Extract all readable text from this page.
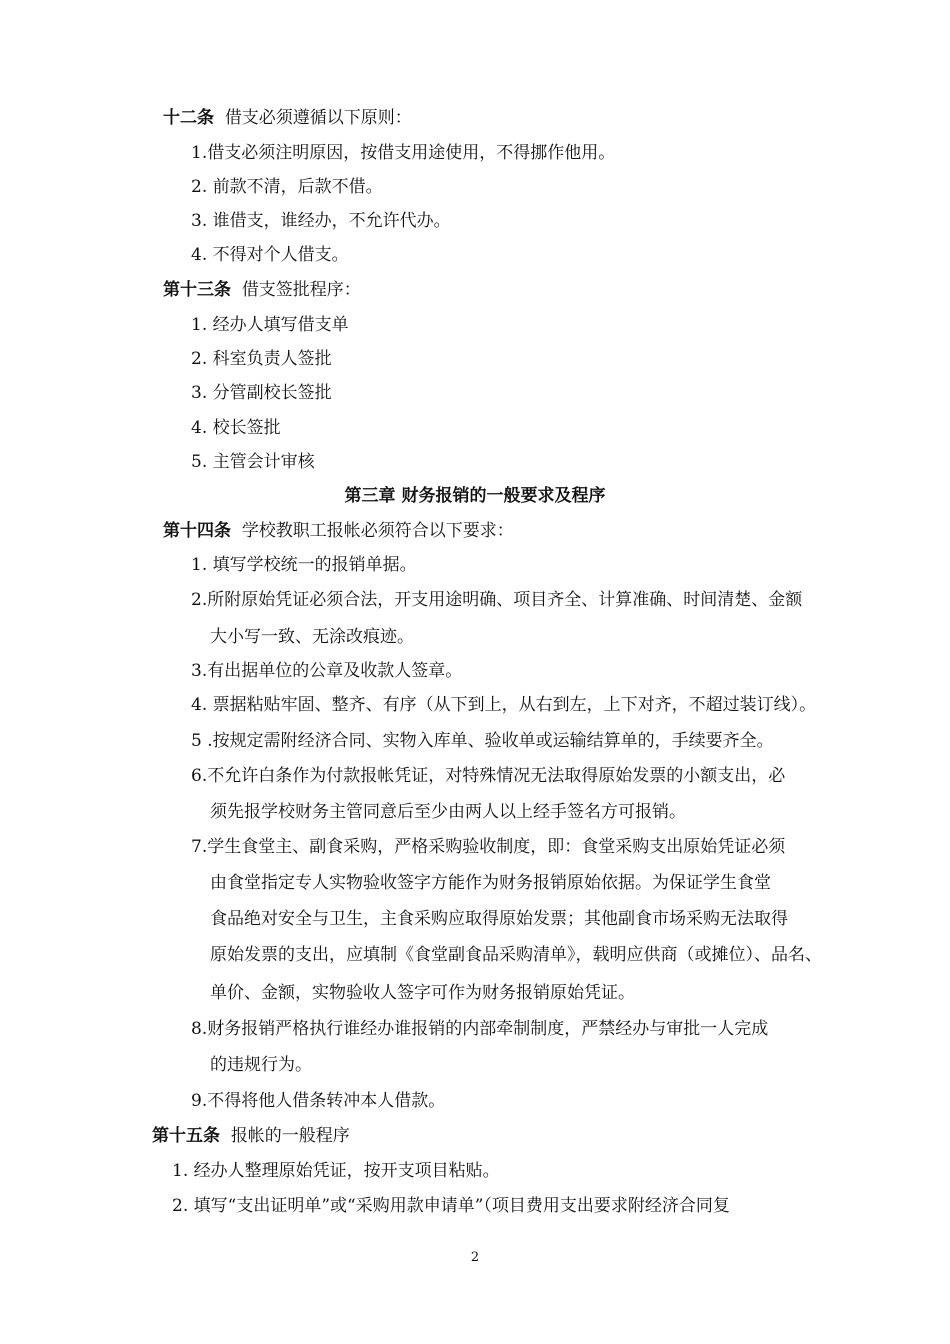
十二条 借支必须遵循以下原则：
1.借支必须注明原因，按借支用途使用，不得挪作他用。
2. 前款不清，后款不借。
3. 谁借支，谁经办，不允许代办。
4. 不得对个人借支。
第十三条 借支签批程序：
1. 经办人填写借支单
2. 科室负责人签批
3. 分管副校长签批
4. 校长签批
5. 主管会计审核
第三章 财务报销的一般要求及程序
第十四条 学校教职工报帐必须符合以下要求：
1. 填写学校统一的报销单据。
2.所附原始凭证必须合法，开支用途明确、项目齐全、计算准确、时间清楚、金额
大小写一致、无涂改痕迹。
3.有出据单位的公章及收款人签章。
4. 票据粘贴牢固、整齐、有序（从下到上，从右到左，上下对齐，不超过装订线）。
5 .按规定需附经济合同、实物入库单、验收单或运输结算单的，手续要齐全。
6.不允许白条作为付款报帐凭证，对特殊情况无法取得原始发票的小额支出，必
须先报学校财务主管同意后至少由两人以上经手签名方可报销。
7.学生食堂主、副食采购，严格采购验收制度，即：食堂采购支出原始凭证必须
由食堂指定专人实物验收签字方能作为财务报销原始依据。为保证学生食堂
食品绝对安全与卫生，主食采购应取得原始发票；其他副食市场采购无法取得
原始发票的支出，应填制《食堂副食品采购清单》，载明应供商（或摊位）、品名、
单价、金额，实物验收人签字可作为财务报销原始凭证。
8.财务报销严格执行谁经办谁报销的内部牵制制度，严禁经办与审批一人完成
的违规行为。
9.不得将他人借条转冲本人借款。
第十五条 报帐的一般程序
1. 经办人整理原始凭证，按开支项目粘贴。
2. 填写“支出证明单”或“采购用款申请单”（项目费用支出要求附经济合同复
2
